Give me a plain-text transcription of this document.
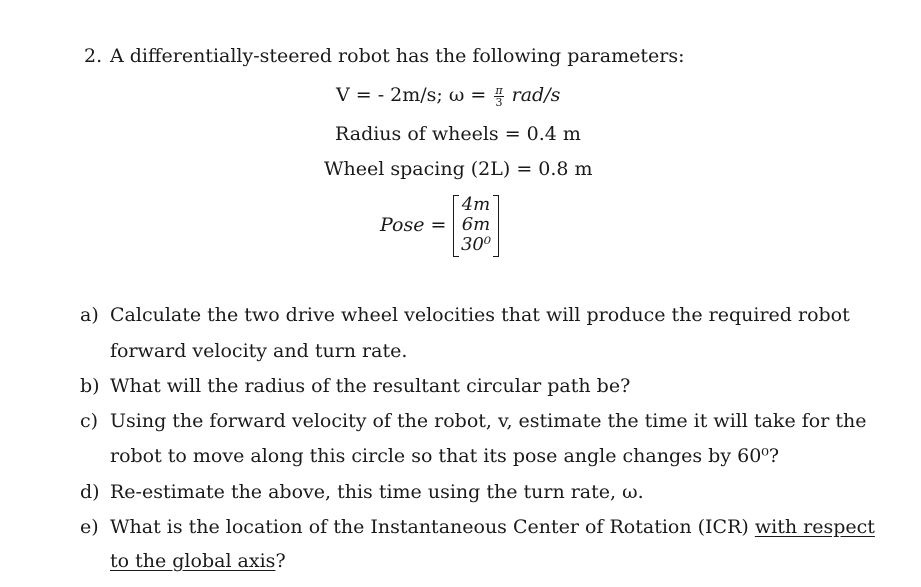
2. A differentially-steered robot has the following parameters:
V = - 2m/s; $\omega = \frac{\pi}{3} rad/s$
Radius of wheels = 0.4 m
Wheel spacing (2L) = 0.8 m
Pose =
4m
6m
30⁰
a) Calculate the two drive wheel velocities that will produce the required robot
forward velocity and turn rate.
b) What will the radius of the resultant circular path be?
c) Using the forward velocity of the robot, v, estimate the time it will take for the
robot to move along this circle so that its pose angle changes by 60⁰?
d) Re-estimate the above, this time using the turn rate, ω.
e) What is the location of the Instantaneous Center of Rotation (ICR) with respect
to the global axis?
